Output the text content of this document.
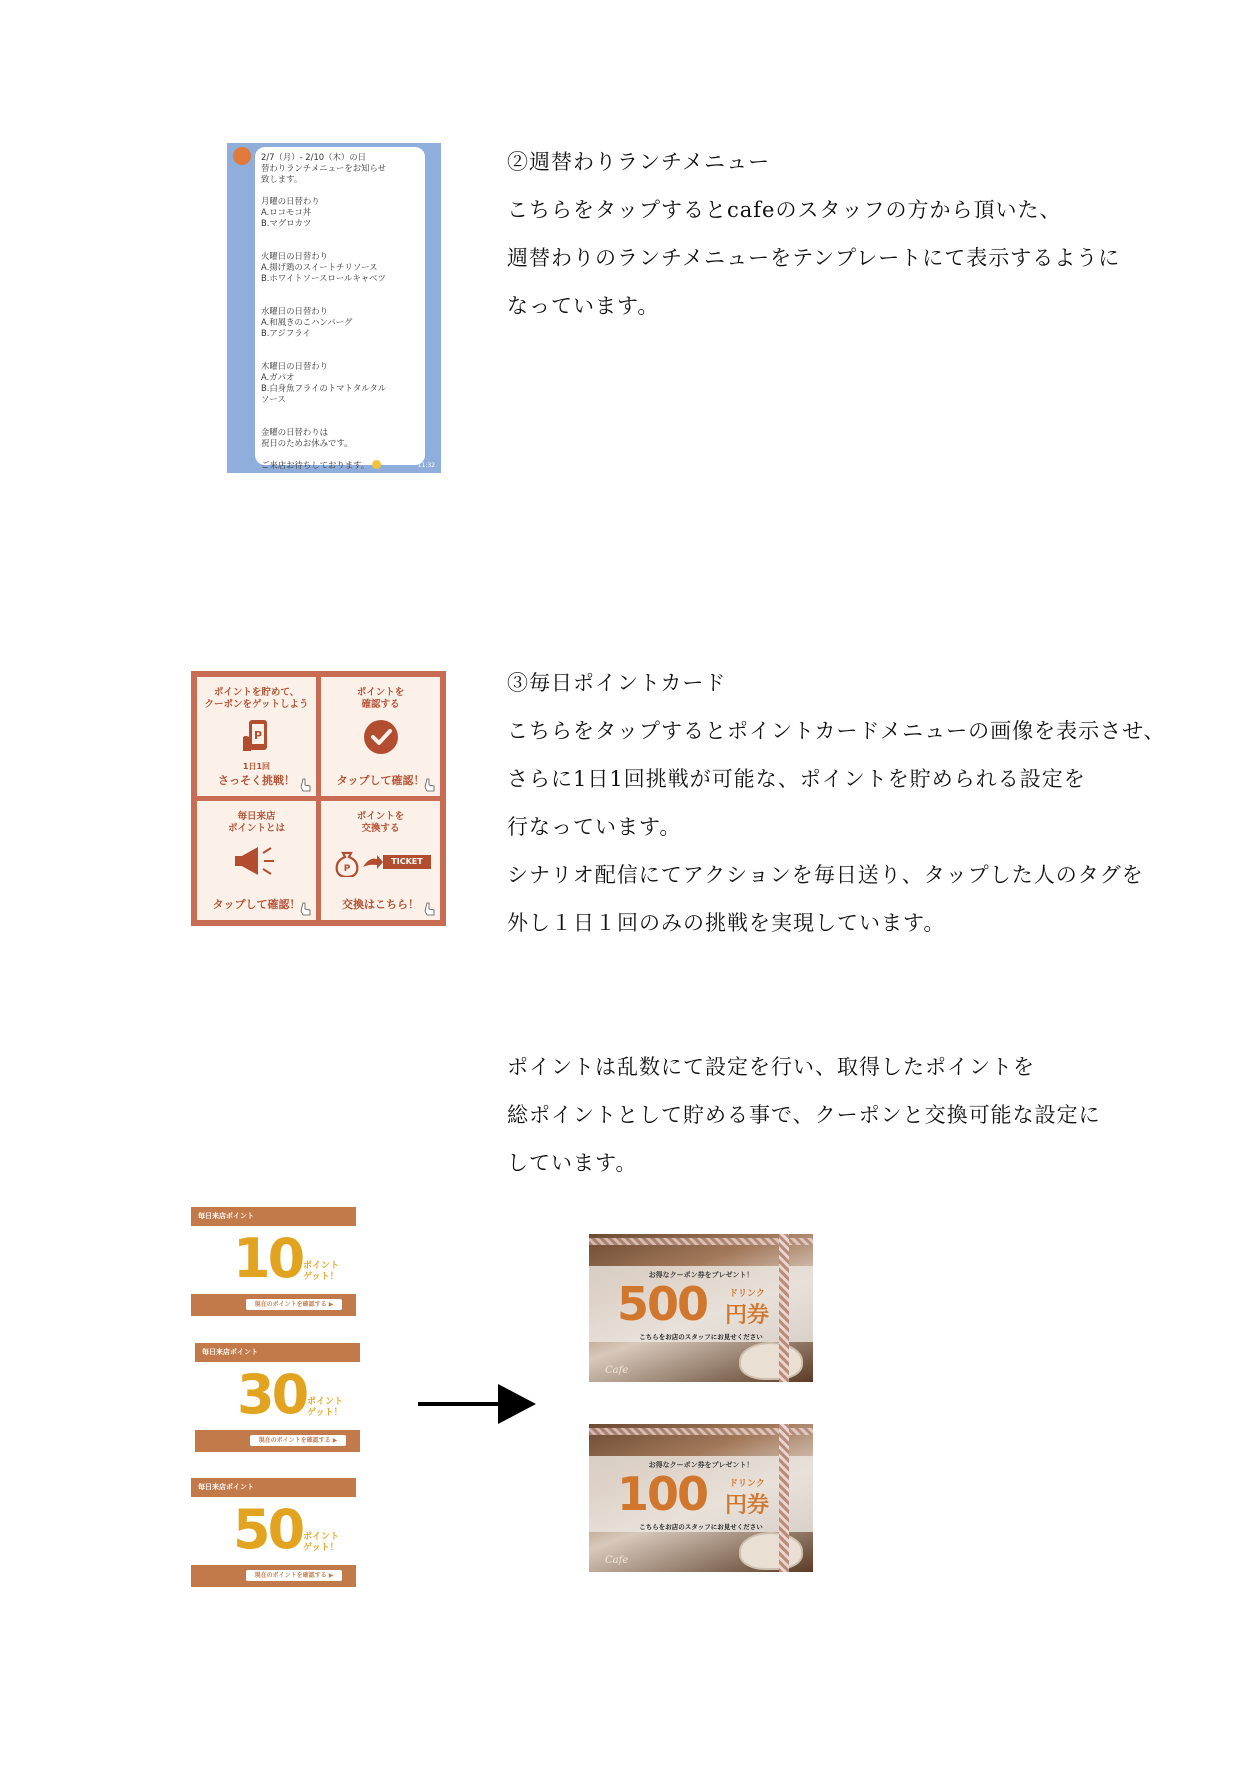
2/7（月）- 2/10（木）の日
替わりランチメニューをお知らせ
致します。
月曜の日替わり
A.ロコモコ丼
B.マグロカツ
火曜日の日替わり
A.揚げ鶏のスイートチリソース
B.ホワイトソースロールキャベツ
水曜日の日替わり
A.和風きのこハンバーグ
B.アジフライ
木曜日の日替わり
A.ガパオ
B.白身魚フライのトマトタルタル
ソース
金曜の日替わりは
祝日のためお休みです。
ご来店お待ちしております。	11:32

②週替わりランチメニュー

こちらをタップするとcafeのスタッフの方から頂いた、

週替わりのランチメニューをテンプレートにて表示するように

なっています。

ポイントを貯めて、
クーポンをゲットしよう
P
1日1回
さっそく挑戦！
ポイントを
確認する
タップして確認！
毎日来店
ポイントとは
タップして確認！
ポイントを
交換する
P
TICKET
交換はこちら！

③毎日ポイントカード

こちらをタップするとポイントカードメニューの画像を表示させ、

さらに1日1回挑戦が可能な、ポイントを貯められる設定を

行なっています。

シナリオ配信にてアクションを毎日送り、タップした人のタグを

外し１日１回のみの挑戦を実現しています。

ポイントは乱数にて設定を行い、取得したポイントを

総ポイントとして貯める事で、クーポンと交換可能な設定に

しています。

毎日来店ポイント
10 ポイント
ゲット！
現在のポイントを確認する ▶
毎日来店ポイント
30 ポイント
ゲット！
現在のポイントを確認する ▶
毎日来店ポイント
50 ポイント
ゲット！
現在のポイントを確認する ▶
お得なクーポン券をプレゼント！
500 ドリンク
円券
こちらをお店のスタッフにお見せください
Cafe
お得なクーポン券をプレゼント！
100 ドリンク
円券
こちらをお店のスタッフにお見せください
Cafe
